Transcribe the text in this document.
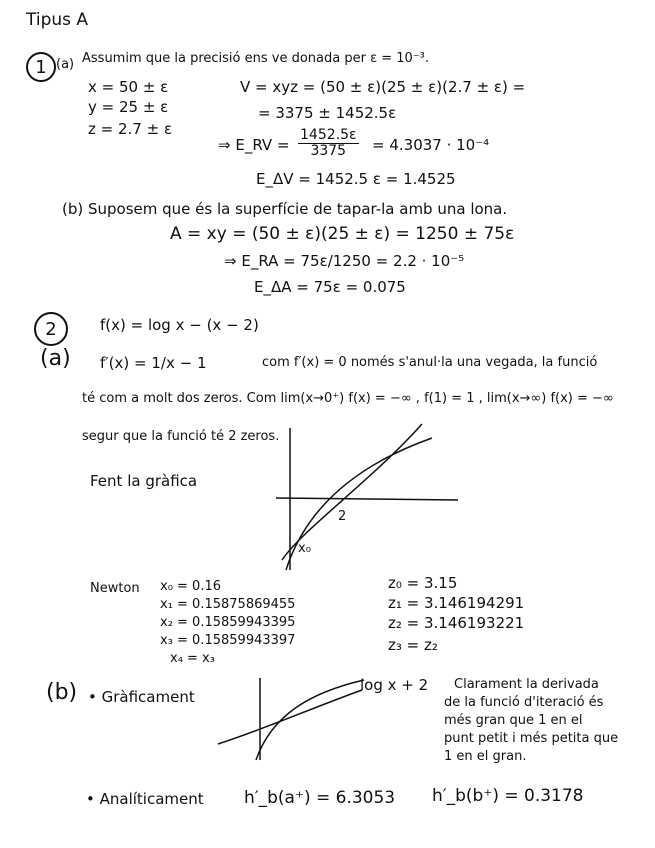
Tipus A
1 (a) Assumim que la precisió ens ve donada per ε = 10⁻³.
x = 50 ± ε
y = 25 ± ε
z = 2.7 ± ε
V = xyz = (50 ± ε)(25 ± ε)(2.7 ± ε) =
= 3375 ± 1452.5ε
⇒ E_RV = $\frac{1452.5\varepsilon}{3375} = 4.3037 \cdot 10^{-4}$
E_ΔV = 1452.5 ε = 1.4525
(b) Suposem que és la superfície de tapar-la amb una lona.
A = xy = (50 ± ε)(25 ± ε) = 1250 ± 75ε
⇒ E_RA = 75ε/1250 = 2.2 · 10⁻⁵
E_ΔA = 75ε = 0.075
2	f(x) = log x − (x − 2)
(a) f′(x) = 1/x − 1	com f′(x) = 0 només s'anul·la una vegada, la funció
té com a molt dos zeros. Com lim(x→0⁺) f(x) = −∞ , f(1) = 1 , lim(x→∞) f(x) = −∞
segur que la funció té 2 zeros.
Fent la gràfica
2
x₀
Newton x₀ = 0.16
x₁ = 0.15875869455
x₂ = 0.15859943395
x₃ = 0.15859943397
x₄ = x₃
z₀ = 3.15
z₁ = 3.146194291
z₂ = 3.146193221
z₃ = z₂
(b) • Gràficament
log x + 2 Clarament la derivada
de la funció d'iteració és
més gran que 1 en el
punt petit i més petita que
1 en el gran.
• Analíticament h′_b(a⁺) = 6.3053 h′_b(b⁺) = 0.3178
